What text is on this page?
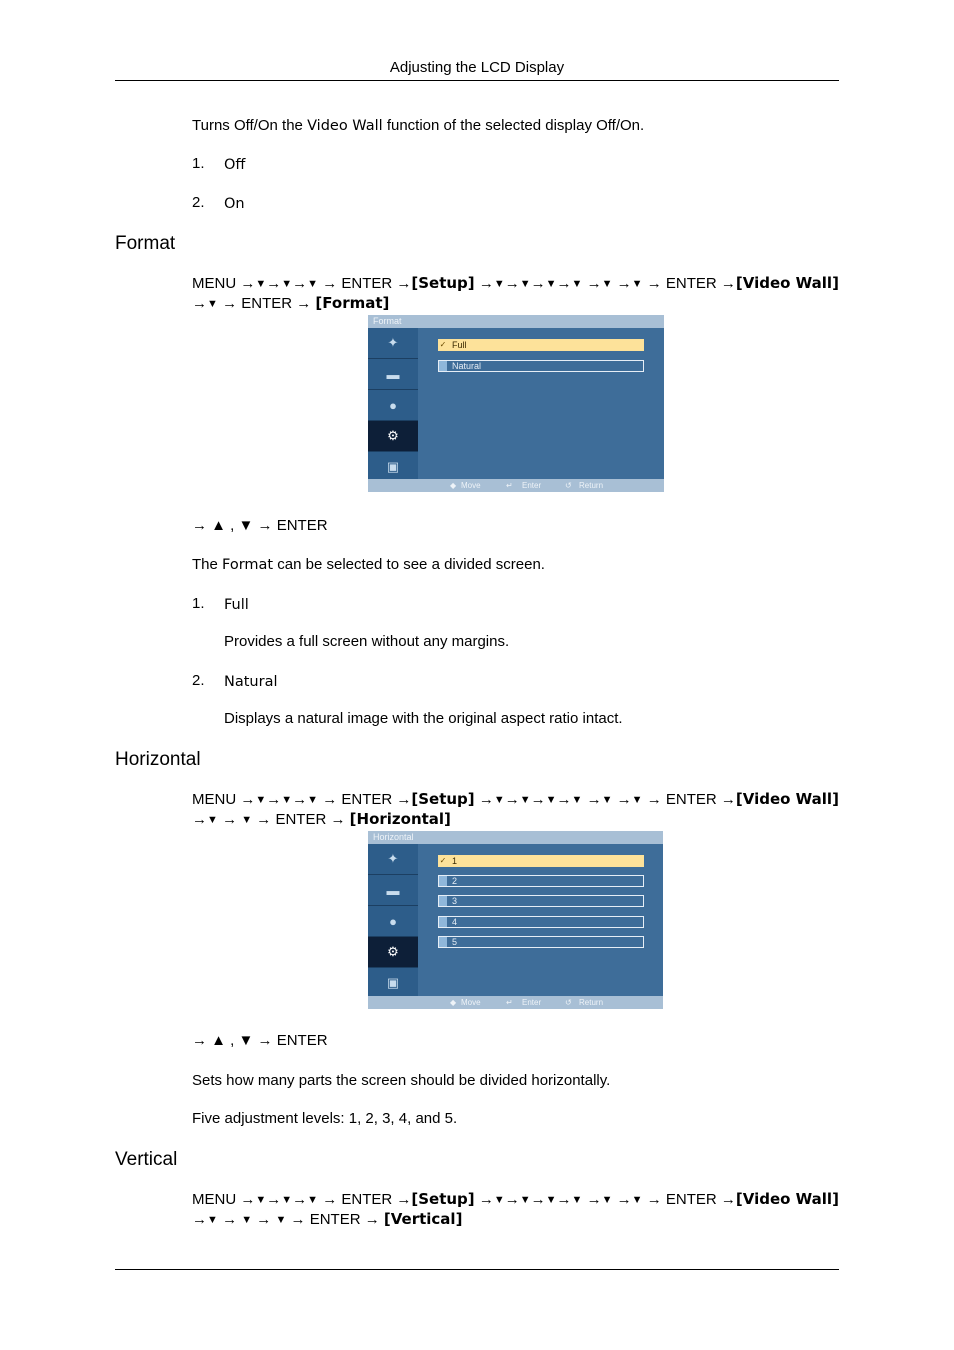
Adjusting the LCD Display
Turns Off/On the Video Wall function of the selected display Off/On.
1. Off
2. On
Format
MENU →▼→▼→▼ → ENTER →[Setup] →▼→▼→▼→▼ →▼ →▼ → ENTER →[Video Wall]
→▼ → ENTER → [Format]
Format
✦
▬
●
⚙
▣
✓ Full
Natural
◆ Move	↵ Enter	↺ Return
→ ▲ , ▼ → ENTER
The Format can be selected to see a divided screen.
1. Full
Provides a full screen without any margins.
2. Natural
Displays a natural image with the original aspect ratio intact.
Horizontal
MENU →▼→▼→▼ → ENTER →[Setup] →▼→▼→▼→▼ →▼ →▼ → ENTER →[Video Wall]
→▼ → ▼ → ENTER → [Horizontal]
Horizontal
✦
▬
●
⚙
▣
✓ 1
2
3
4
5
◆ Move	↵ Enter	↺ Return
→ ▲ , ▼ → ENTER
Sets how many parts the screen should be divided horizontally.
Five adjustment levels: 1, 2, 3, 4, and 5.
Vertical
MENU →▼→▼→▼ → ENTER →[Setup] →▼→▼→▼→▼ →▼ →▼ → ENTER →[Video Wall]
→▼ → ▼ → ▼ → ENTER → [Vertical]
